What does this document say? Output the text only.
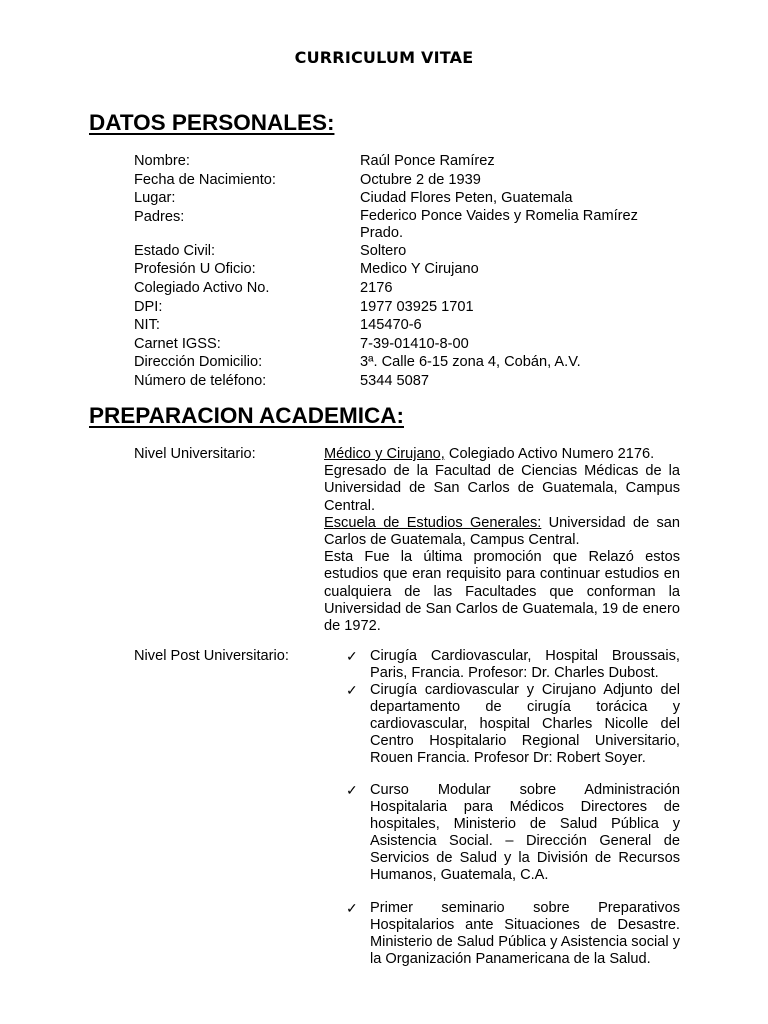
CURRICULUM VITAE
DATOS PERSONALES:
Nombre:	Raúl Ponce Ramírez
Fecha de Nacimiento:	Octubre 2 de 1939
Lugar:	Ciudad Flores Peten, Guatemala
Padres:	Federico Ponce Vaides y Romelia Ramírez Prado.
Estado Civil:	Soltero
Profesión U Oficio:	Medico Y Cirujano
Colegiado Activo No.	2176
DPI:	1977 03925 1701
NIT:	145470-6
Carnet IGSS:	7-39-01410-8-00
Dirección Domicilio:	3ª. Calle 6-15 zona 4, Cobán, A.V.
Número de teléfono:	5344 5087
PREPARACION ACADEMICA:
Nivel Universitario:	Médico y Cirujano, Colegiado Activo Numero 2176.

Egresado de la Facultad de Ciencias Médicas de la Universidad de San Carlos de Guatemala, Campus Central.

Escuela de Estudios Generales: Universidad de san Carlos de Guatemala, Campus Central.

Esta Fue la última promoción que Relazó estos estudios que eran requisito para continuar estudios en cualquiera de las Facultades que conforman la Universidad de San Carlos de Guatemala, 19 de enero de 1972.

Nivel Post Universitario:	✓ Cirugía Cardiovascular, Hospital Broussais, Paris, Francia. Profesor: Dr. Charles Dubost.
✓ Cirugía cardiovascular y Cirujano Adjunto del departamento de cirugía torácica y cardiovascular, hospital Charles Nicolle del Centro Hospitalario Regional Universitario, Rouen Francia. Profesor Dr: Robert Soyer.
✓ Curso Modular sobre Administración Hospitalaria para Médicos Directores de hospitales, Ministerio de Salud Pública y Asistencia Social. – Dirección General de Servicios de Salud y la División de Recursos Humanos, Guatemala, C.A.
✓ Primer seminario sobre Preparativos Hospitalarios ante Situaciones de Desastre. Ministerio de Salud Pública y Asistencia social y la Organización Panamericana de la Salud.
